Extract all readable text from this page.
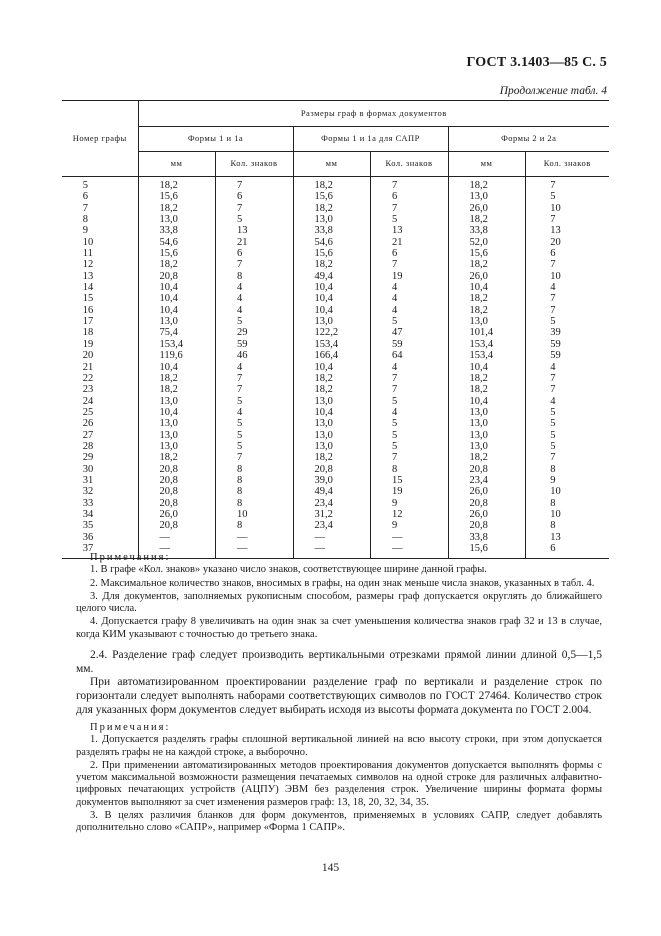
ГОСТ 3.1403—85 С. 5
Продолжение табл. 4
Номер графы	Размеры граф в формах документов					
	Формы 1 и 1а		Формы 1 и 1а для САПР		Формы 2 и 2а	
	мм	Кол. знаков	мм	Кол. знаков	мм	Кол. знаков
5	18,2	7	18,2	7	18,2	7
6	15,6	6	15,6	6	13,0	5
7	18,2	7	18,2	7	26,0	10
8	13,0	5	13,0	5	18,2	7
9	33,8	13	33,8	13	33,8	13
10	54,6	21	54,6	21	52,0	20
11	15,6	6	15,6	6	15,6	6
12	18,2	7	18,2	7	18,2	7
13	20,8	8	49,4	19	26,0	10
14	10,4	4	10,4	4	10,4	4
15	10,4	4	10,4	4	18,2	7
16	10,4	4	10,4	4	18,2	7
17	13,0	5	13,0	5	13,0	5
18	75,4	29	122,2	47	101,4	39
19	153,4	59	153,4	59	153,4	59
20	119,6	46	166,4	64	153,4	59
21	10,4	4	10,4	4	10,4	4
22	18,2	7	18,2	7	18,2	7
23	18,2	7	18,2	7	18,2	7
24	13,0	5	13,0	5	10,4	4
25	10,4	4	10,4	4	13,0	5
26	13,0	5	13,0	5	13,0	5
27	13,0	5	13,0	5	13,0	5
28	13,0	5	13,0	5	13,0	5
29	18,2	7	18,2	7	18,2	7
30	20,8	8	20,8	8	20,8	8
31	20,8	8	39,0	15	23,4	9
32	20,8	8	49,4	19	26,0	10
33	20,8	8	23,4	9	20,8	8
34	26,0	10	31,2	12	26,0	10
35	20,8	8	23,4	9	20,8	8
36	—	—	—	—	33,8	13
37	—	—	—	—	15,6	6
Примечания:

1. В графе «Кол. знаков» указано число знаков, соответствующее ширине данной графы.

2. Максимальное количество знаков, вносимых в графы, на один знак меньше числа знаков, указанных в табл. 4.

3. Для документов, заполняемых рукописным способом, размеры граф допускается округлять до ближайшего целого числа.

4. Допускается графу 8 увеличивать на один знак за счет уменьшения количества знаков граф 32 и 13 в случае, когда КИМ указывают с точностью до третьего знака.

2.4. Разделение граф следует производить вертикальными отрезками прямой линии длиной 0,5—1,5 мм.

При автоматизированном проектировании разделение граф по вертикали и разделение строк по горизонтали следует выполнять наборами соответствующих символов по ГОСТ 27464. Количество строк для указанных форм документов следует выбирать исходя из высоты формата документа по ГОСТ 2.004.

Примечания:

1. Допускается разделять графы сплошной вертикальной линией на всю высоту строки, при этом допускается разделять графы не на каждой строке, а выборочно.

2. При применении автоматизированных методов проектирования документов допускается выполнять формы с учетом максимальной возможности размещения печатаемых символов на одной строке для различных алфавитно-цифровых печатающих устройств (АЦПУ) ЭВМ без разделения строк. Увеличение ширины формата формы документов выполняют за счет изменения размеров граф: 13, 18, 20, 32, 34, 35.

3. В целях различия бланков для форм документов, применяемых в условиях САПР, следует добавлять дополнительно слово «САПР», например «Форма 1 САПР».

145
